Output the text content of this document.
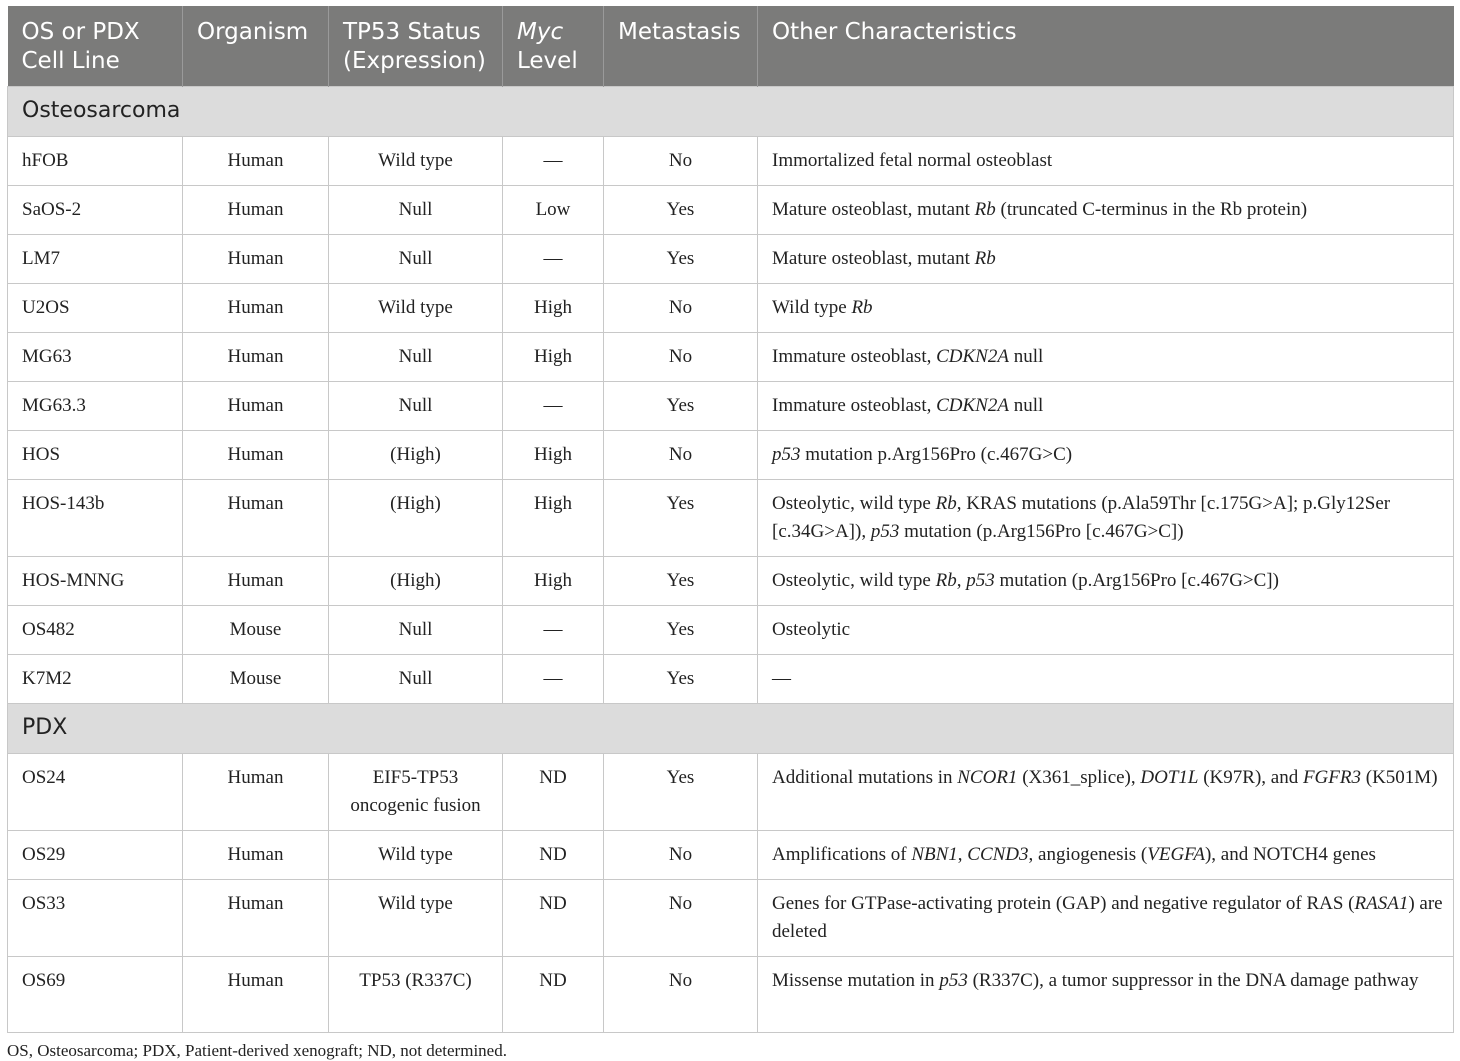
OS or PDX Cell Line	Organism	TP53 Status (Expression)	Myc Level	Metastasis	Other Characteristics
Osteosarcoma					
hFOB	Human	Wild type	—	No	Immortalized fetal normal osteoblast
SaOS-2	Human	Null	Low	Yes	Mature osteoblast, mutant Rb (truncated C-terminus in the Rb protein)
LM7	Human	Null	—	Yes	Mature osteoblast, mutant Rb
U2OS	Human	Wild type	High	No	Wild type Rb
MG63	Human	Null	High	No	Immature osteoblast, CDKN2A null
MG63.3	Human	Null	—	Yes	Immature osteoblast, CDKN2A null
HOS	Human	(High)	High	No	p53 mutation p.Arg156Pro (c.467G>C)
HOS-143b	Human	(High)	High	Yes	Osteolytic, wild type Rb, KRAS mutations (p.Ala59Thr [c.175G>A]; p.Gly12Ser [c.34G>A]), p53 mutation (p.Arg156Pro [c.467G>C])
HOS-MNNG	Human	(High)	High	Yes	Osteolytic, wild type Rb, p53 mutation (p.Arg156Pro [c.467G>C])
OS482	Mouse	Null	—	Yes	Osteolytic
K7M2	Mouse	Null	—	Yes	—
PDX					
OS24	Human	EIF5-TP53 oncogenic fusion	ND	Yes	Additional mutations in NCOR1 (X361_splice), DOT1L (K97R), and FGFR3 (K501M)
OS29	Human	Wild type	ND	No	Amplifications of NBN1, CCND3, angiogenesis (VEGFA), and NOTCH4 genes
OS33	Human	Wild type	ND	No	Genes for GTPase-activating protein (GAP) and negative regulator of RAS (RASA1) are deleted
OS69	Human	TP53 (R337C)	ND	No	Missense mutation in p53 (R337C), a tumor suppressor in the DNA damage pathway
OS, Osteosarcoma; PDX, Patient-derived xenograft; ND, not determined.
